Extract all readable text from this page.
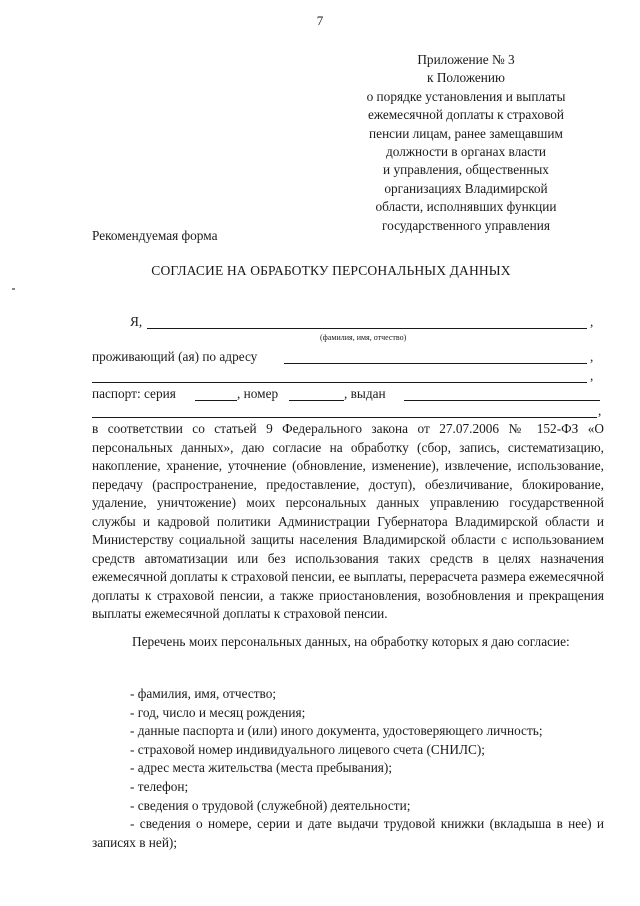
7
Приложение № 3
к Положению
о порядке установления и выплаты
ежемесячной доплаты к страховой
пенсии лицам, ранее замещавшим
должности в органах власти
и управления, общественных
организациях Владимирской
области, исполнявших функции
государственного управления
Рекомендуемая форма
СОГЛАСИЕ НА ОБРАБОТКУ ПЕРСОНАЛЬНЫХ ДАННЫХ
Я,	,
(фамилия, имя, отчество)
проживающий (ая) по адресу	,
,
паспорт: серия	, номер	, выдан
,

в соответствии со статьей 9 Федерального закона от 27.07.2006 № 152-ФЗ «О персональных данных», даю согласие на обработку (сбор, запись, систематизацию, накопление, хранение, уточнение (обновление, изменение), извлечение, использование, передачу (распространение, предоставление, доступ), обезличивание, блокирование, удаление, уничтожение) моих персональных данных управлению государственной службы и кадровой политики Администрации Губернатора Владимирской области и Министерству социальной защиты населения Владимирской области с использованием средств автоматизации или без использования таких средств в целях назначения ежемесячной доплаты к страховой пенсии, ее выплаты, перерасчета размера ежемесячной доплаты к страховой пенсии, а также приостановления, возобновления и прекращения выплаты ежемесячной доплаты к страховой пенсии.

Перечень моих персональных данных, на обработку которых я даю согласие:

- фамилия, имя, отчество;
- год, число и месяц рождения;
- данные паспорта и (или) иного документа, удостоверяющего личность;
- страховой номер индивидуального лицевого счета (СНИЛС);
- адрес места жительства (места пребывания);
- телефон;
- сведения о трудовой (служебной) деятельности;
- сведения о номере, серии и дате выдачи трудовой книжки (вкладыша в нее) и записях в ней);
